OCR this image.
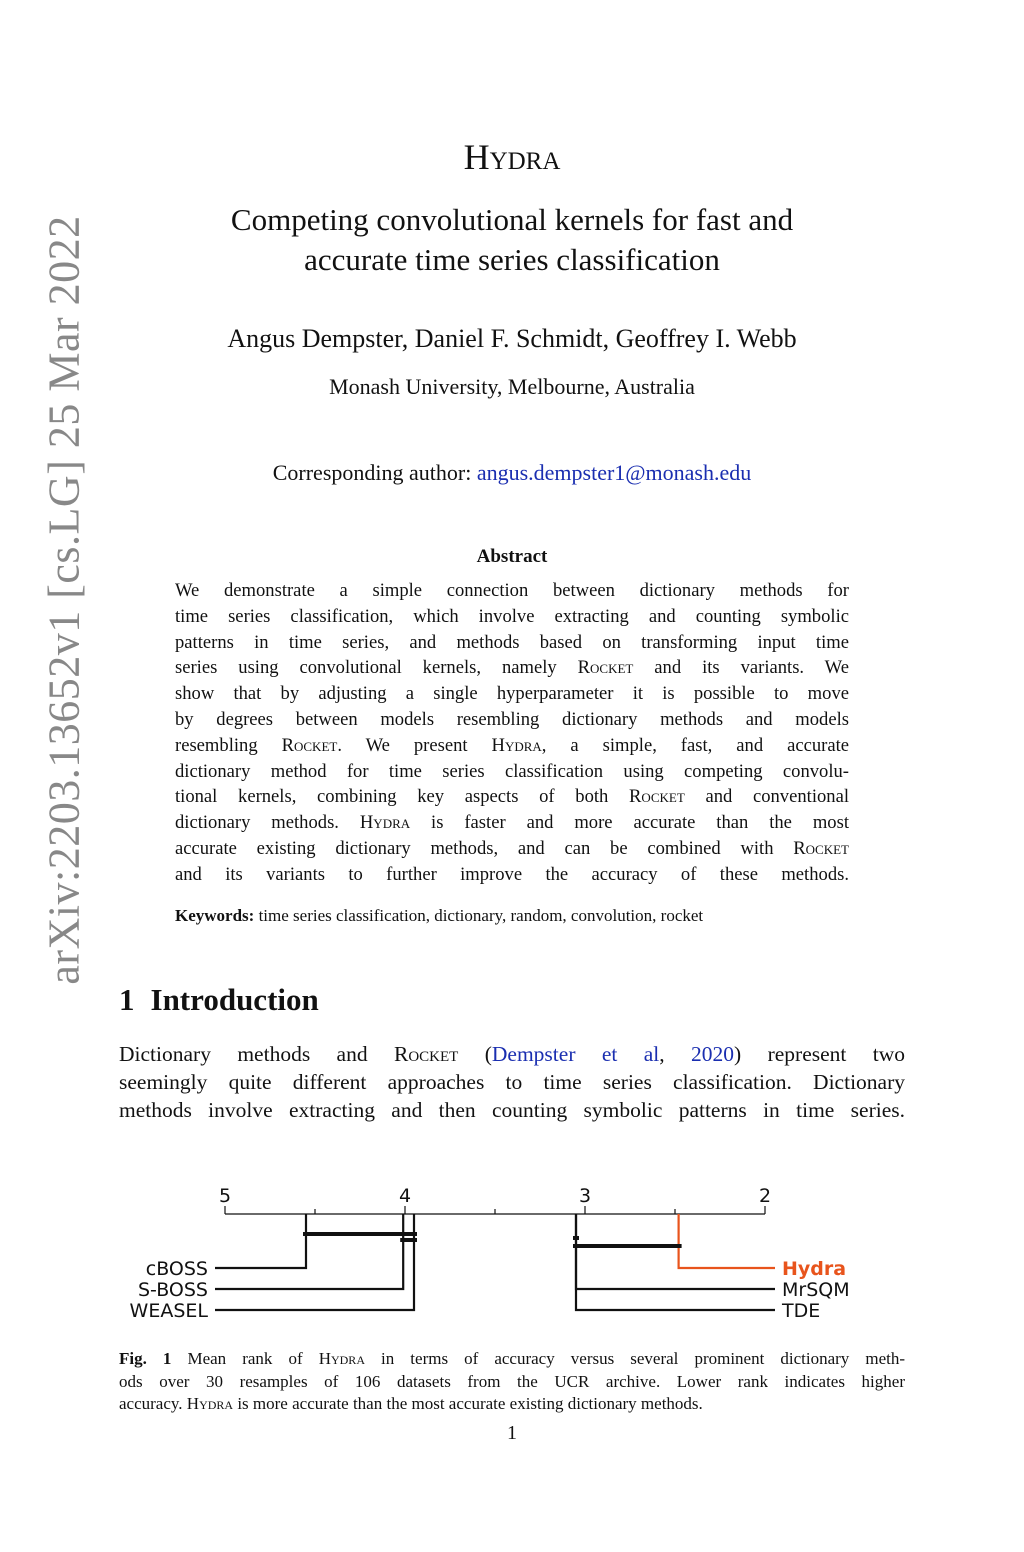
arXiv:2203.13652v1 [cs.LG] 25 Mar 2022
Hydra
Competing convolutional kernels for fast and
accurate time series classification
Angus Dempster, Daniel F. Schmidt, Geoffrey I. Webb
Monash University, Melbourne, Australia
Corresponding author: angus.dempster1@monash.edu
Abstract
We demonstrate a simple connection between dictionary methods for
time series classification, which involve extracting and counting symbolic
patterns in time series, and methods based on transforming input time
series using convolutional kernels, namely Rocket and its variants. We
show that by adjusting a single hyperparameter it is possible to move
by degrees between models resembling dictionary methods and models
resembling Rocket. We present Hydra, a simple, fast, and accurate
dictionary method for time series classification using competing convolu-
tional kernels, combining key aspects of both Rocket and conventional
dictionary methods. Hydra is faster and more accurate than the most
accurate existing dictionary methods, and can be combined with Rocket
and its variants to further improve the accuracy of these methods.
Keywords: time series classification, dictionary, random, convolution, rocket
1 Introduction
Dictionary methods and Rocket (Dempster et al, 2020) represent two
seemingly quite different approaches to time series classification. Dictionary
methods involve extracting and then counting symbolic patterns in time series.
5	4	3	2
cBOSS
S-BOSS
WEASEL
Hydra
MrSQM
TDE
Fig. 1 Mean rank of Hydra in terms of accuracy versus several prominent dictionary meth-
ods over 30 resamples of 106 datasets from the UCR archive. Lower rank indicates higher
accuracy. Hydra is more accurate than the most accurate existing dictionary methods.
1
